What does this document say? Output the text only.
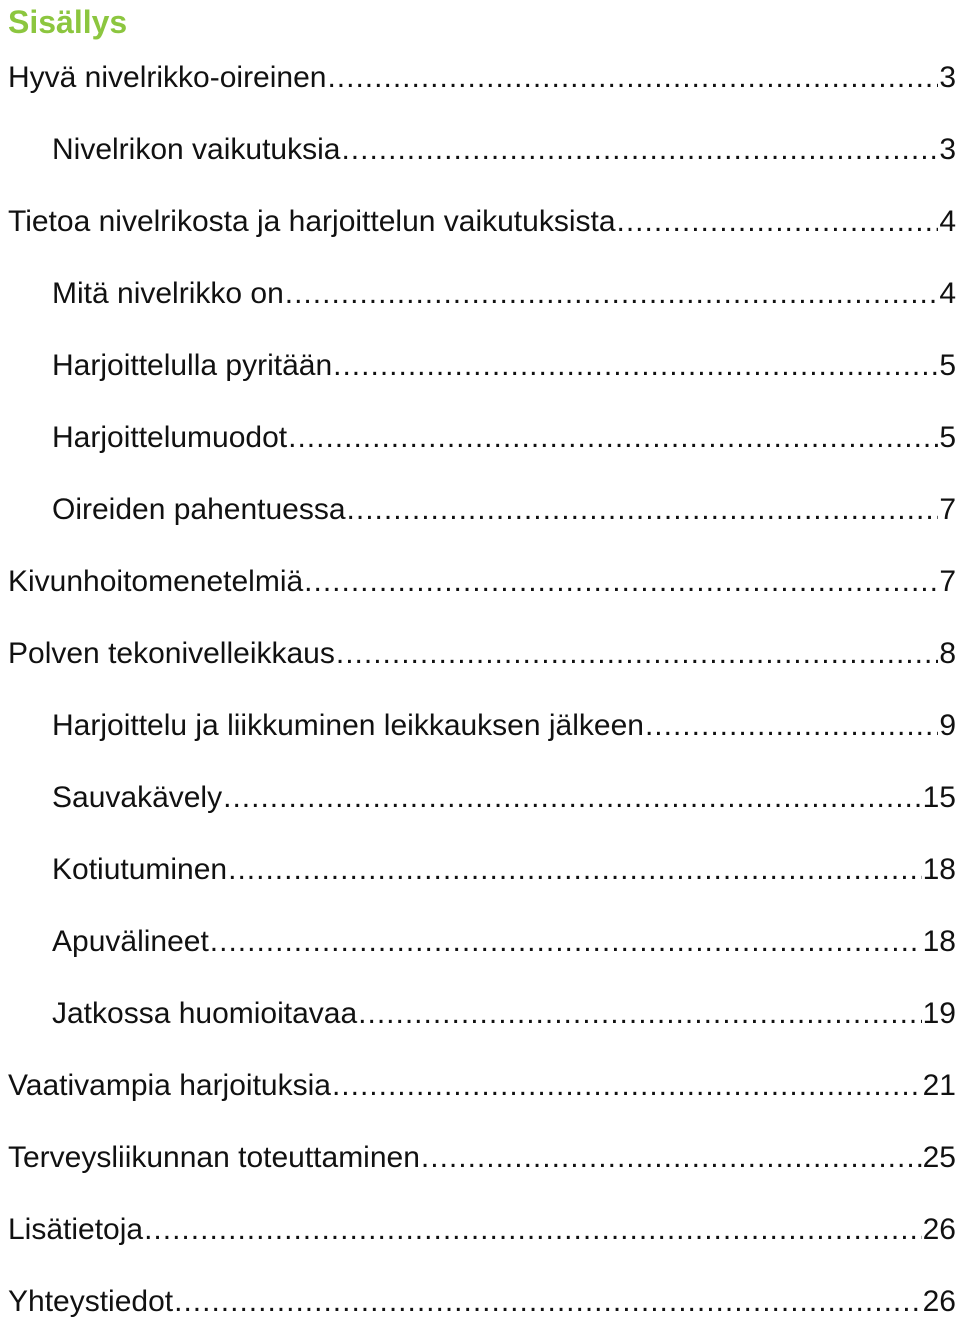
Sisällys
Hyvä nivelrikko-oireinen .....	3
Nivelrikon vaikutuksia .....	3
Tietoa nivelrikosta ja harjoittelun vaikutuksista .....	4
Mitä nivelrikko on .....	4
Harjoittelulla pyritään .....	5
Harjoittelumuodot .....	5
Oireiden pahentuessa .....	7
Kivunhoitomenetelmiä .....	7
Polven tekonivelleikkaus .....	8
Harjoittelu ja liikkuminen leikkauksen jälkeen .....	9
Sauvakävely .....	15
Kotiutuminen .....	18
Apuvälineet .....	18
Jatkossa huomioitavaa .....	19
Vaativampia harjoituksia .....	21
Terveysliikunnan toteuttaminen .....	25
Lisätietoja .....	26
Yhteystiedot .....	26
